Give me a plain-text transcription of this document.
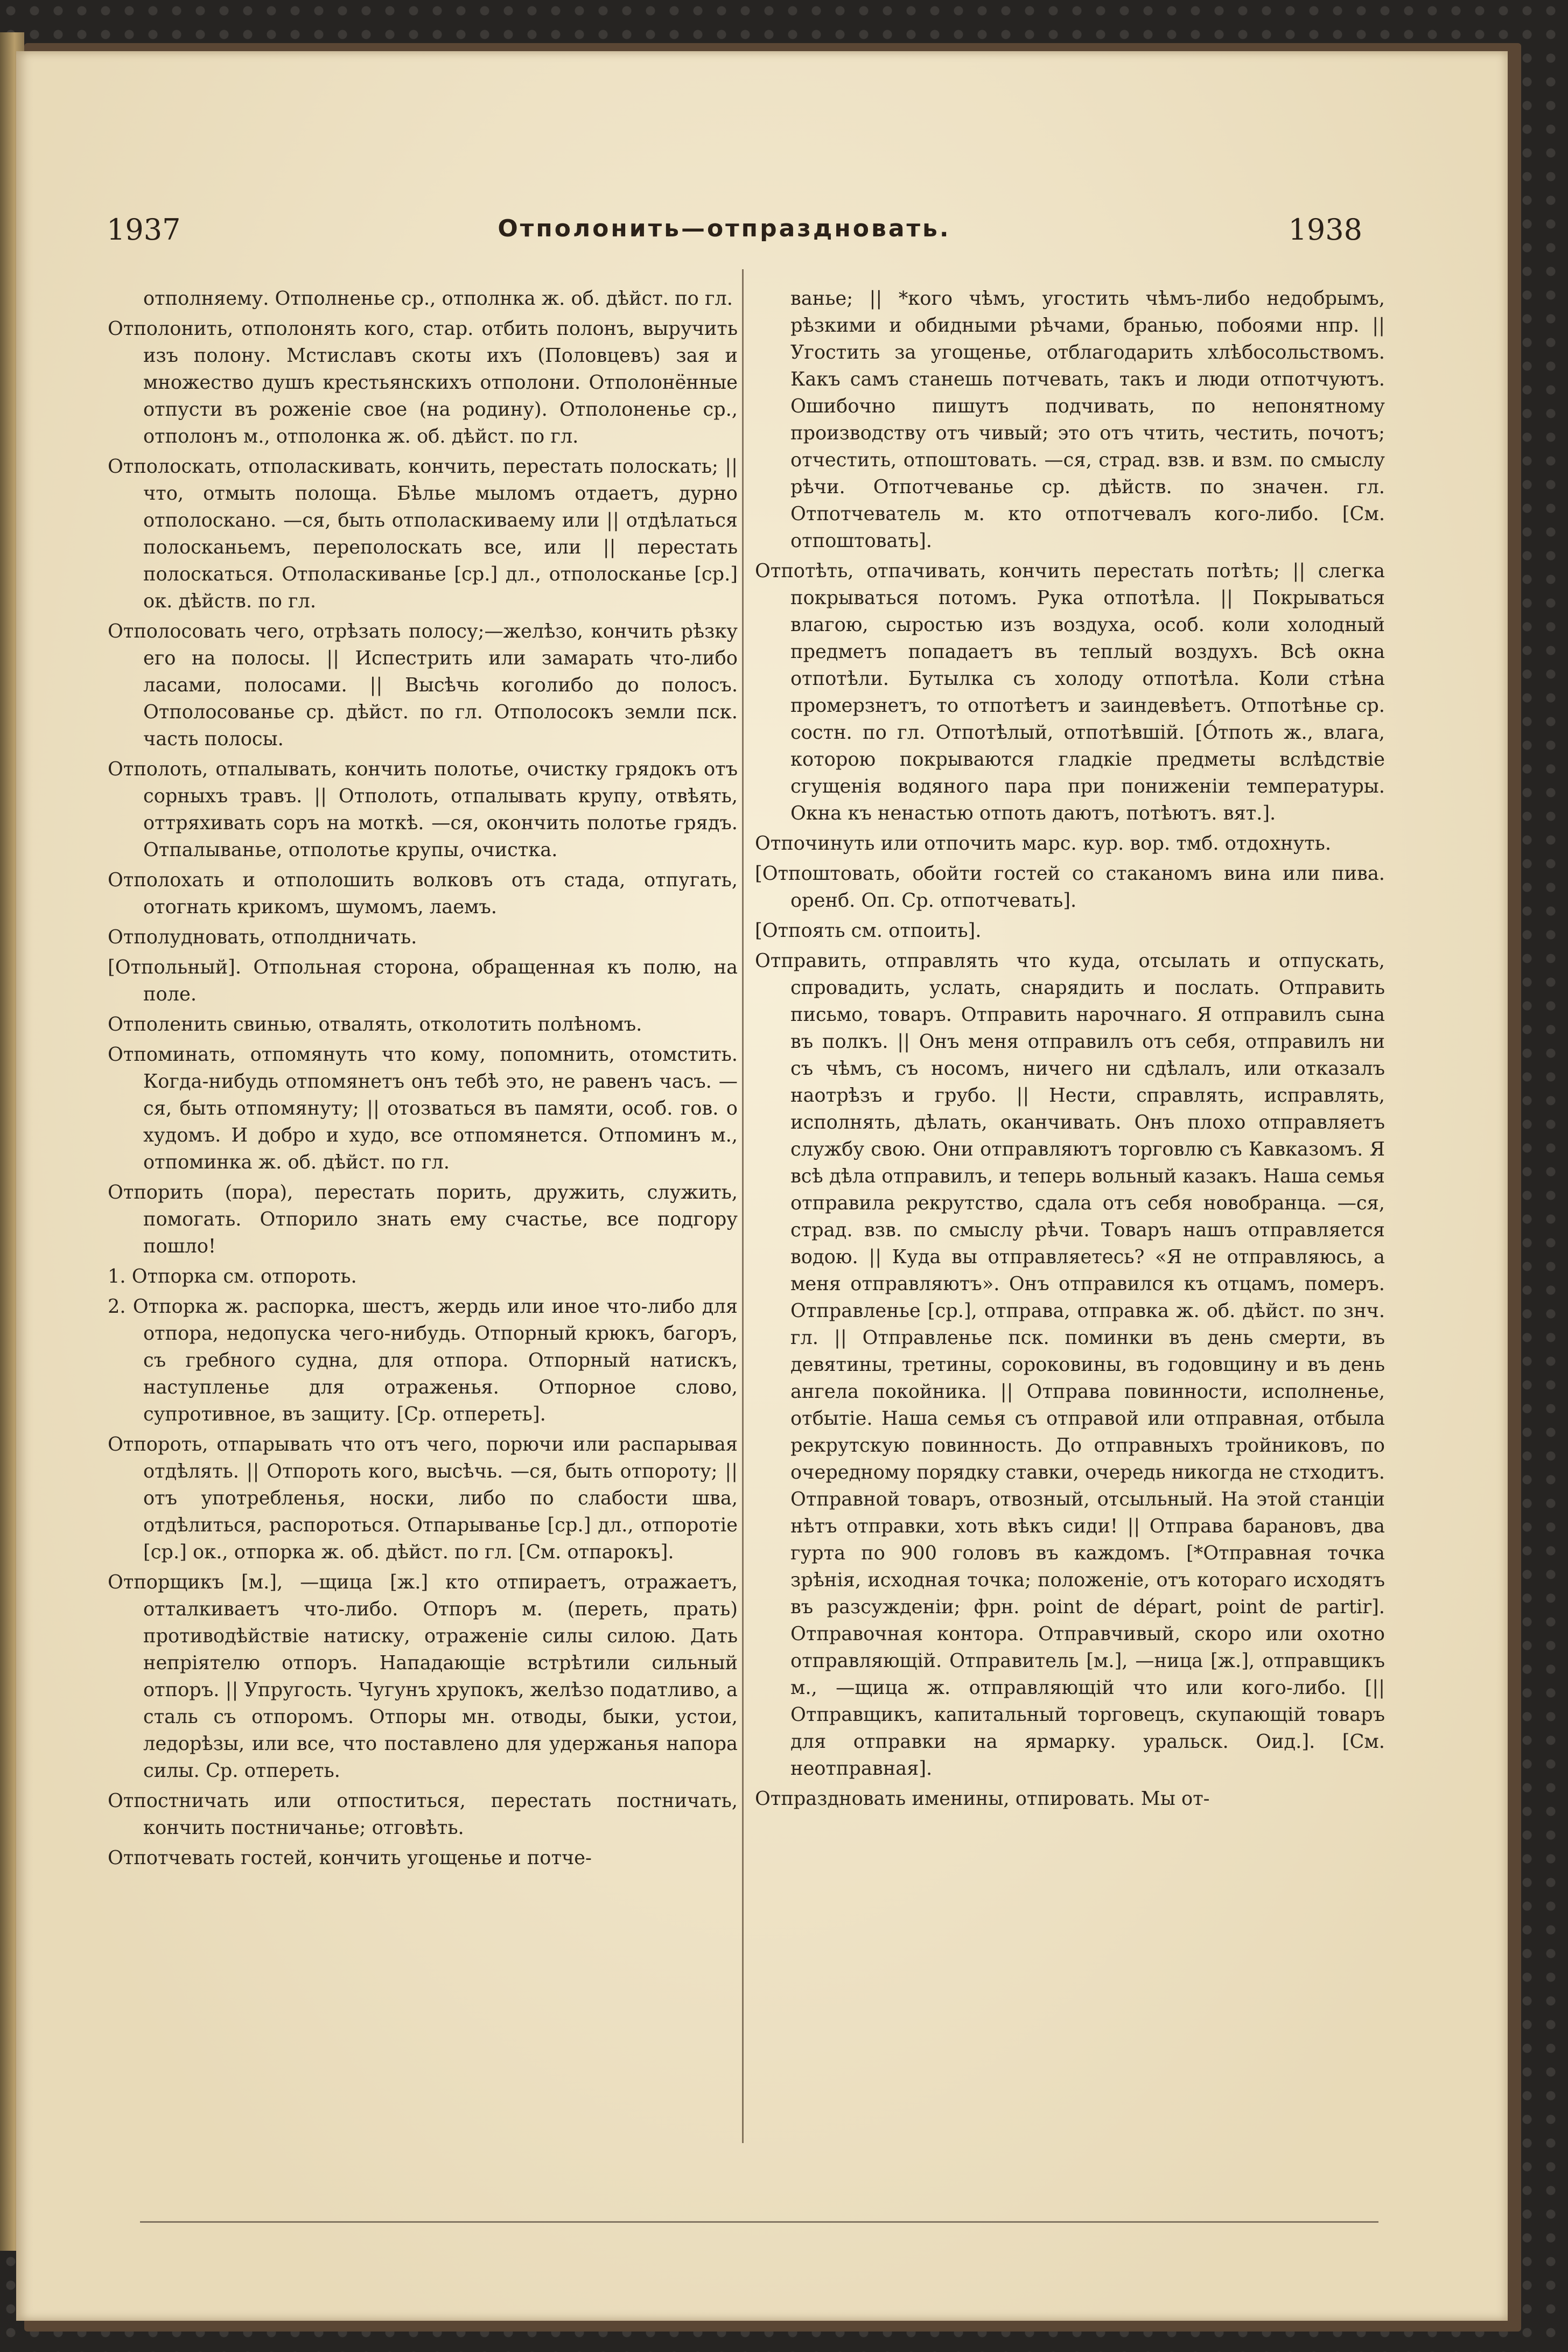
1937	Отполонить—отпраздновать.	1938

отполняему. Отполненье ср., отполнка ж. об. дѣйст. по гл.

Отполонить, отполонять кого, стар. отбить полонъ, выручить изъ полону. Мстиславъ скоты ихъ (Половцевъ) зая и множество душъ крестьянскихъ отполони. Отполонённые отпусти въ роженіе свое (на родину). Отполоненье ср., отполонъ м., отполонка ж. об. дѣйст. по гл.

Отполоскать, отполаскивать, кончить, перестать полоскать; || что, отмыть полоща. Бѣлье мыломъ отдаетъ, дурно отполоскано. —ся, быть отполаскиваему или || отдѣлаться полосканьемъ, переполоскать все, или || перестать полоскаться. Отполаскиванье [ср.] дл., отполосканье [ср.] ок. дѣйств. по гл.

Отполосовать чего, отрѣзать полосу;—желѣзо, кончить рѣзку его на полосы. || Испестрить или замарать что-либо ласами, полосами. || Высѣчь коголибо до полосъ. Отполосованье ср. дѣйст. по гл. Отполосокъ земли пск. часть полосы.

Отполоть, отпалывать, кончить полотье, очистку грядокъ отъ сорныхъ травъ. || Отполоть, отпалывать крупу, отвѣять, оттряхивать соръ на моткѣ. —ся, окончить полотье грядъ. Отпалыванье, отполотье крупы, очистка.

Отполохать и отполошить волковъ отъ стада, отпугать, отогнать крикомъ, шумомъ, лаемъ.

Отполудновать, отполдничать.

[Отпольный]. Отпольная сторона, обращенная къ полю, на поле.

Отполенить свинью, отвалять, отколотить полѣномъ.

Отпоминать, отпомянуть что кому, попомнить, отомстить. Когда-нибудь отпомянетъ онъ тебѣ это, не равенъ часъ. —ся, быть отпомянуту; || отозваться въ памяти, особ. гов. о худомъ. И добро и худо, все отпомянется. Отпоминъ м., отпоминка ж. об. дѣйст. по гл.

Отпорить (пора), перестать порить, дружить, служить, помогать. Отпорило знать ему счастье, все подгору пошло!

1. Отпорка см. отпороть.

2. Отпорка ж. распорка, шестъ, жердь или иное что-либо для отпора, недопуска чего-нибудь. Отпорный крюкъ, багоръ, съ гребного судна, для отпора. Отпорный натискъ, наступленье для отраженья. Отпорное слово, супротивное, въ защиту. [Ср. отпереть].

Отпороть, отпарывать что отъ чего, порючи или распарывая отдѣлять. || Отпороть кого, высѣчь. —ся, быть отпороту; || отъ употребленья, носки, либо по слабости шва, отдѣлиться, распороться. Отпарыванье [ср.] дл., отпоротіе [ср.] ок., отпорка ж. об. дѣйст. по гл. [См. отпарокъ].

Отпорщикъ [м.], —щица [ж.] кто отпираетъ, отражаетъ, отталкиваетъ что-либо. Отпоръ м. (переть, прать) противодѣйствіе натиску, отраженіе силы силою. Дать непріятелю отпоръ. Нападающіе встрѣтили сильный отпоръ. || Упругость. Чугунъ хрупокъ, желѣзо податливо, а сталь съ отпоромъ. Отпоры мн. отводы, быки, устои, ледорѣзы, или все, что поставлено для удержанья напора силы. Ср. отпереть.

Отпостничать или отпоститься, перестать постничать, кончить постничанье; отговѣть.

Отпотчевать гостей, кончить угощенье и потче-

ванье; || *кого чѣмъ, угостить чѣмъ-либо недобрымъ, рѣзкими и обидными рѣчами, бранью, побоями нпр. || Угостить за угощенье, отблагодарить хлѣбосольствомъ. Какъ самъ станешь потчевать, такъ и люди отпотчуютъ. Ошибочно пишутъ подчивать, по непонятному производству отъ чивый; это отъ чтить, честить, почотъ; отчестить, отпоштовать. —ся, страд. взв. и взм. по смыслу рѣчи. Отпотчеванье ср. дѣйств. по значен. гл. Отпотчеватель м. кто отпотчевалъ кого-либо. [См. отпоштовать].

Отпотѣть, отпачивать, кончить перестать потѣть; || слегка покрываться потомъ. Рука отпотѣла. || Покрываться влагою, сыростью изъ воздуха, особ. коли холодный предметъ попадаетъ въ теплый воздухъ. Всѣ окна отпотѣли. Бутылка съ холоду отпотѣла. Коли стѣна промерзнетъ, то отпотѣетъ и заиндевѣетъ. Отпотѣнье ср. состн. по гл. Отпотѣлый, отпотѣвшій. [О́тпоть ж., влага, которою покрываются гладкіе предметы вслѣдствіе сгущенія водяного пара при пониженіи температуры. Окна къ ненастью отпоть даютъ, потѣютъ. вят.].

Отпочинуть или отпочить марс. кур. вор. тмб. отдохнуть.

[Отпоштовать, обойти гостей со стаканомъ вина или пива. оренб. Оп. Ср. отпотчевать].

[Отпоять см. отпоить].

Отправить, отправлять что куда, отсылать и отпускать, спровадить, услать, снарядить и послать. Отправить письмо, товаръ. Отправить нарочнаго. Я отправилъ сына въ полкъ. || Онъ меня отправилъ отъ себя, отправилъ ни съ чѣмъ, съ носомъ, ничего ни сдѣлалъ, или отказалъ наотрѣзъ и грубо. || Нести, справлять, исправлять, исполнять, дѣлать, оканчивать. Онъ плохо отправляетъ службу свою. Они отправляютъ торговлю съ Кавказомъ. Я всѣ дѣла отправилъ, и теперь вольный казакъ. Наша семья отправила рекрутство, сдала отъ себя новобранца. —ся, страд. взв. по смыслу рѣчи. Товаръ нашъ отправляется водою. || Куда вы отправляетесь? «Я не отправляюсь, а меня отправляютъ». Онъ отправился къ отцамъ, померъ. Отправленье [ср.], отправа, отправка ж. об. дѣйст. по знч. гл. || Отправленье пск. поминки въ день смерти, въ девятины, третины, сороковины, въ годовщину и въ день ангела покойника. || Отправа повинности, исполненье, отбытіе. Наша семья съ отправой или отправная, отбыла рекрутскую повинность. До отправныхъ тройниковъ, по очередному порядку ставки, очередь никогда не стходитъ. Отправной товаръ, отвозный, отсыльный. На этой станціи нѣтъ отправки, хоть вѣкъ сиди! || Отправа барановъ, два гурта по 900 головъ въ каждомъ. [*Отправная точка зрѣнія, исходная точка; положеніе, отъ котораго исходятъ въ разсужденіи; фрн. point de départ, point de partir]. Отправочная контора. Отправчивый, скоро или охотно отправляющій. Отправитель [м.], —ница [ж.], отправщикъ м., —щица ж. отправляющій что или кого-либо. [|| Отправщикъ, капитальный торговецъ, скупающій товаръ для отправки на ярмарку. уральск. Оид.]. [См. неотправная].

Отпраздновать именины, отпировать. Мы от-
